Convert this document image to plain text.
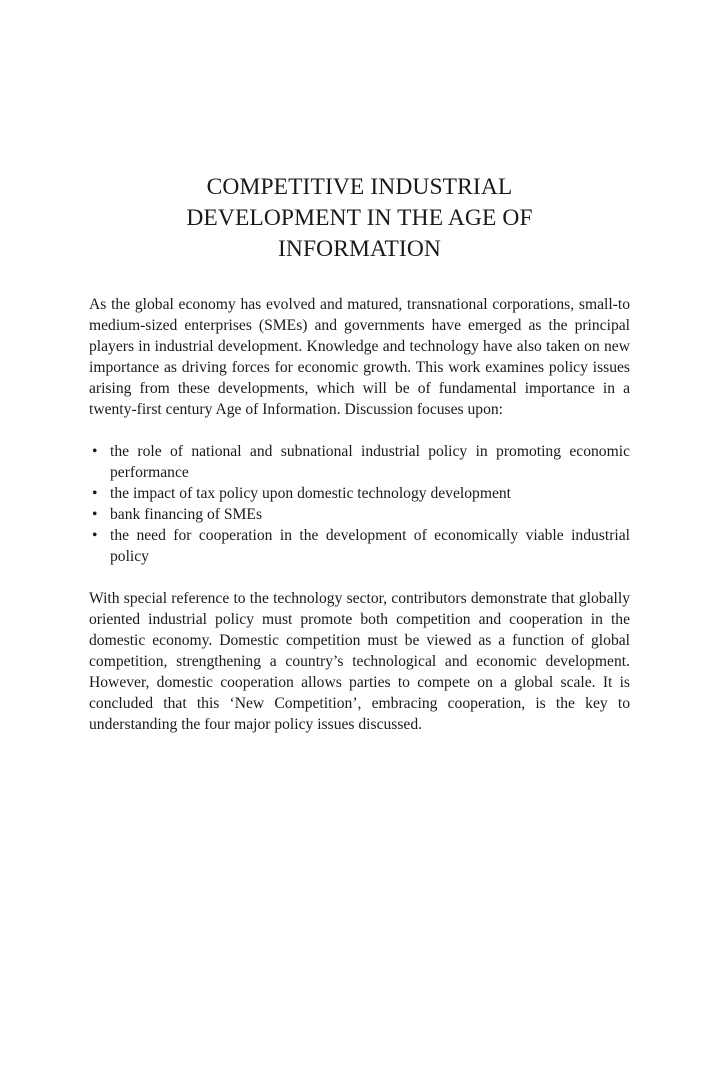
COMPETITIVE INDUSTRIAL
DEVELOPMENT IN THE AGE OF
INFORMATION

As the global economy has evolved and matured, transnational corporations, small-to medium-sized enterprises (SMEs) and governments have emerged as the principal players in industrial development. Knowledge and technology have also taken on new importance as driving forces for economic growth. This work examines policy issues arising from these developments, which will be of fundamental importance in a twenty-first century Age of Information. Discussion focuses upon:

• the role of national and subnational industrial policy in promoting economic performance
• the impact of tax policy upon domestic technology development
• bank financing of SMEs
• the need for cooperation in the development of economically viable industrial policy

With special reference to the technology sector, contributors demonstrate that globally oriented industrial policy must promote both competition and cooperation in the domestic economy. Domestic competition must be viewed as a function of global competition, strengthening a country’s technological and economic development. However, domestic cooperation allows parties to compete on a global scale. It is concluded that this ‘New Competition’, embracing cooperation, is the key to understanding the four major policy issues discussed.
